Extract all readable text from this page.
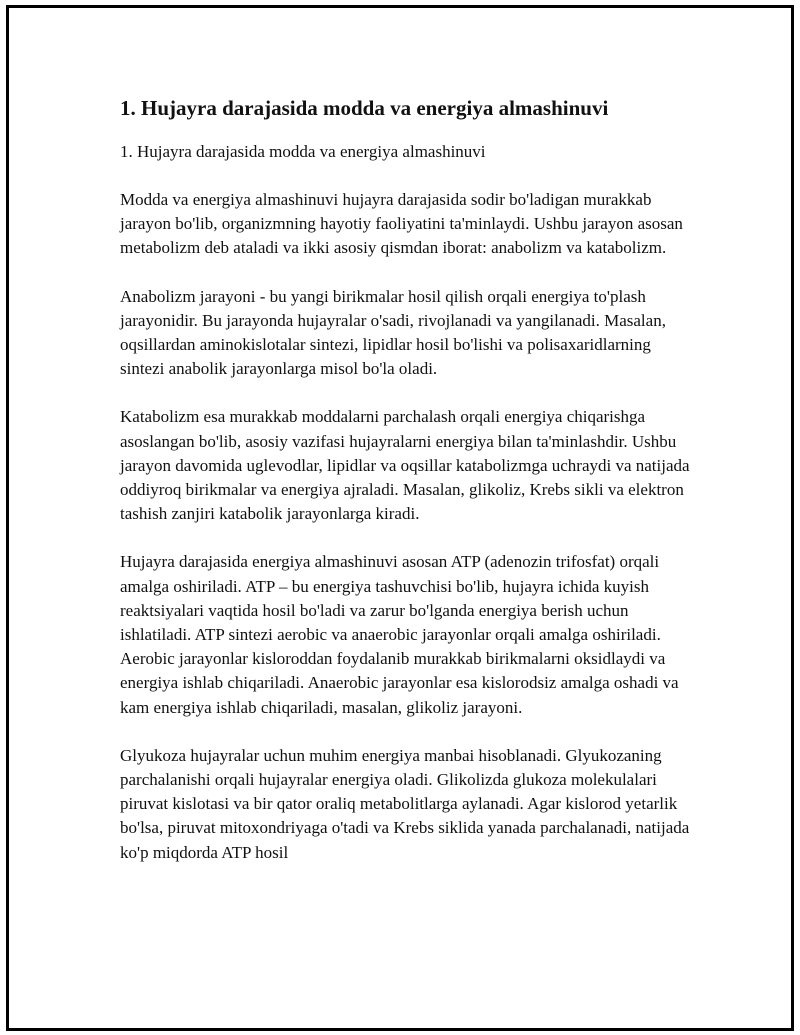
1. Hujayra darajasida modda va energiya almashinuvi

1. Hujayra darajasida modda va energiya almashinuvi

Modda va energiya almashinuvi hujayra darajasida sodir bo'ladigan murakkab jarayon bo'lib, organizmning hayotiy faoliyatini ta'minlaydi. Ushbu jarayon asosan metabolizm deb ataladi va ikki asosiy qismdan iborat: anabolizm va katabolizm.

Anabolizm jarayoni - bu yangi birikmalar hosil qilish orqali energiya to'plash jarayonidir. Bu jarayonda hujayralar o'sadi, rivojlanadi va yangilanadi. Masalan, oqsillardan aminokislotalar sintezi, lipidlar hosil bo'lishi va polisaxaridlarning sintezi anabolik jarayonlarga misol bo'la oladi.

Katabolizm esa murakkab moddalarni parchalash orqali energiya chiqarishga asoslangan bo'lib, asosiy vazifasi hujayralarni energiya bilan ta'minlashdir. Ushbu jarayon davomida uglevodlar, lipidlar va oqsillar katabolizmga uchraydi va natijada oddiyroq birikmalar va energiya ajraladi. Masalan, glikoliz, Krebs sikli va elektron tashish zanjiri katabolik jarayonlarga kiradi.

Hujayra darajasida energiya almashinuvi asosan ATP (adenozin trifosfat) orqali amalga oshiriladi. ATP – bu energiya tashuvchisi bo'lib, hujayra ichida kuyish reaktsiyalari vaqtida hosil bo'ladi va zarur bo'lganda energiya berish uchun ishlatiladi. ATP sintezi aerobic va anaerobic jarayonlar orqali amalga oshiriladi. Aerobic jarayonlar kisloroddan foydalanib murakkab birikmalarni oksidlaydi va energiya ishlab chiqariladi. Anaerobic jarayonlar esa kislorodsiz amalga oshadi va kam energiya ishlab chiqariladi, masalan, glikoliz jarayoni.

Glyukoza hujayralar uchun muhim energiya manbai hisoblanadi. Glyukozaning parchalanishi orqali hujayralar energiya oladi. Glikolizda glukoza molekulalari piruvat kislotasi va bir qator oraliq metabolitlarga aylanadi. Agar kislorod yetarlik bo'lsa, piruvat mitoxondriyaga o'tadi va Krebs siklida yanada parchalanadi, natijada ko'p miqdorda ATP hosil
